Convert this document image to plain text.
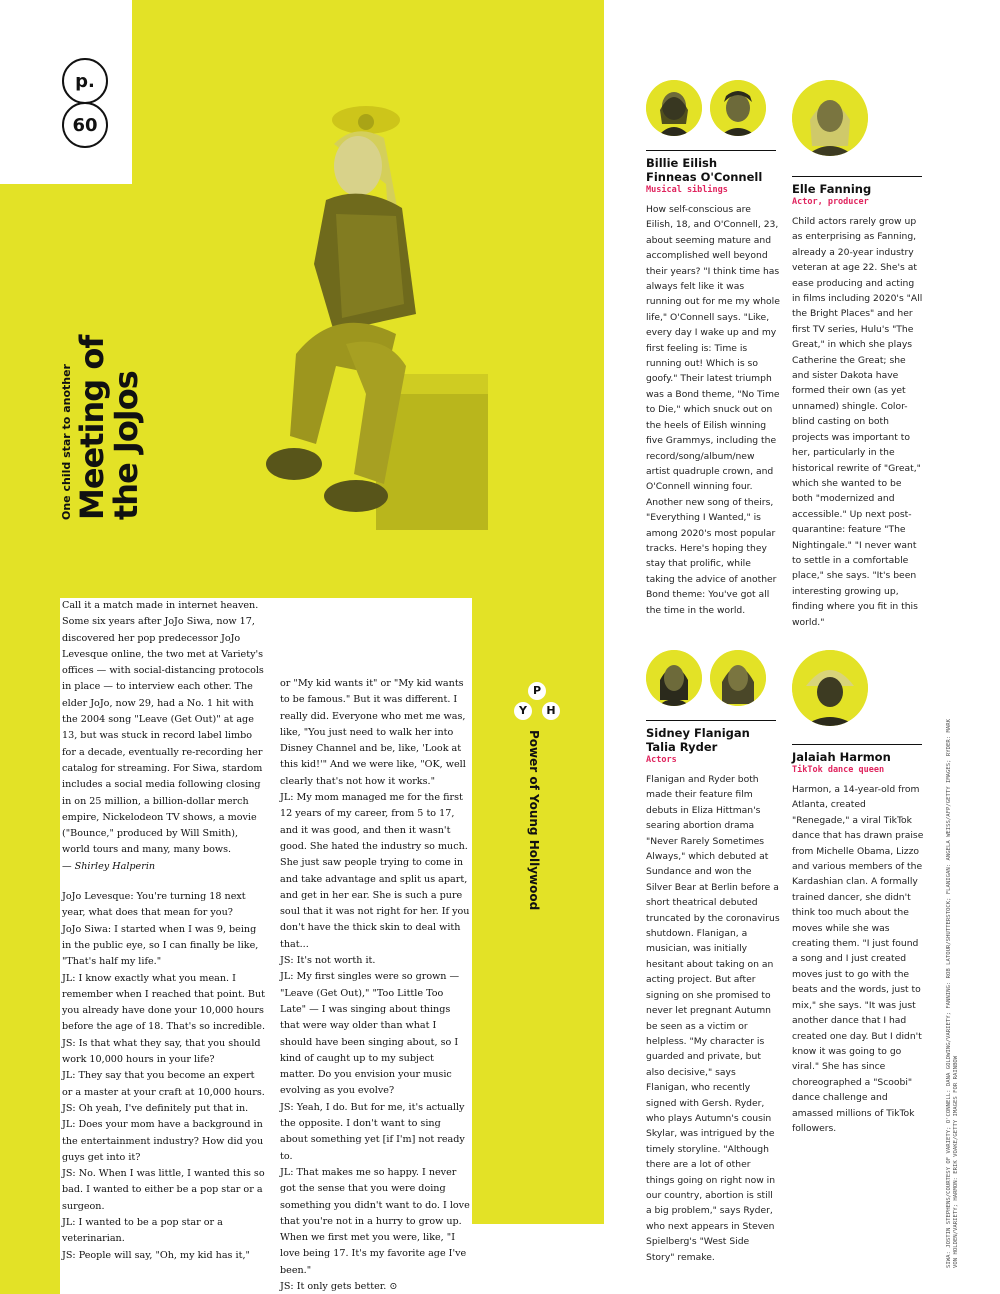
p.
60
One child star to another Meeting of the JoJos
P
Y	H
Power of Young Hollywood

Call it a match made in internet heaven. Some six years after JoJo Siwa, now 17, discovered her pop predecessor JoJo Levesque online, the two met at Variety's offices — with social-distancing protocols in place — to interview each other. The elder JoJo, now 29, had a No. 1 hit with the 2004 song "Leave (Get Out)" at age 13, but was stuck in record label limbo for a decade, eventually re-recording her catalog for streaming. For Siwa, stardom includes a social media following closing in on 25 million, a billion-dollar merch empire, Nickelodeon TV shows, a movie ("Bounce," produced by Will Smith), world tours and many, many bows.

— Shirley Halperin

JoJo Levesque: You're turning 18 next year, what does that mean for you?

JoJo Siwa: I started when I was 9, being in the public eye, so I can finally be like, "That's half my life."

JL: I know exactly what you mean. I remember when I reached that point. But you already have done your 10,000 hours before the age of 18. That's so incredible.

JS: Is that what they say, that you should work 10,000 hours in your life?

JL: They say that you become an expert or a master at your craft at 10,000 hours.

JS: Oh yeah, I've definitely put that in.

JL: Does your mom have a background in the entertainment industry? How did you guys get into it?

JS: No. When I was little, I wanted this so bad. I wanted to either be a pop star or a surgeon.

JL: I wanted to be a pop star or a veterinarian.

JS: People will say, "Oh, my kid has it,"

or "My kid wants it" or "My kid wants to be famous." But it was different. I really did. Everyone who met me was, like, "You just need to walk her into Disney Channel and be, like, 'Look at this kid!'" And we were like, "OK, well clearly that's not how it works."

JL: My mom managed me for the first 12 years of my career, from 5 to 17, and it was good, and then it wasn't good. She hated the industry so much. She just saw people trying to come in and take advantage and split us apart, and get in her ear. She is such a pure soul that it was not right for her. If you don't have the thick skin to deal with that...

JS: It's not worth it.

JL: My first singles were so grown — "Leave (Get Out)," "Too Little Too Late" — I was singing about things that were way older than what I should have been singing about, so I kind of caught up to my subject matter. Do you envision your music evolving as you evolve?

JS: Yeah, I do. But for me, it's actually the opposite. I don't want to sing about something yet [if I'm] not ready to.

JL: That makes me so happy. I never got the sense that you were doing something you didn't want to do. I love that you're not in a hurry to grow up. When we first met you were, like, "I love being 17. It's my favorite age I've been."

JS: It only gets better. ⊙

Billie Eilish
Finneas O'Connell
Musical siblings
How self-conscious are Eilish, 18, and O'Connell, 23, about seeming mature and accomplished well beyond their years? "I think time has always felt like it was running out for me my whole life," O'Connell says. "Like, every day I wake up and my first feeling is: Time is running out! Which is so goofy." Their latest triumph was a Bond theme, "No Time to Die," which snuck out on the heels of Eilish winning five Grammys, including the record/song/album/new artist quadruple crown, and O'Connell winning four. Another new song of theirs, "Everything I Wanted," is among 2020's most popular tracks. Here's hoping they stay that prolific, while taking the advice of another Bond theme: You've got all the time in the world.
Elle Fanning
Actor, producer
Child actors rarely grow up as enterprising as Fanning, already a 20-year industry veteran at age 22. She's at ease producing and acting in films including 2020's "All the Bright Places" and her first TV series, Hulu's "The Great," in which she plays Catherine the Great; she and sister Dakota have formed their own (as yet unnamed) shingle. Color-blind casting on both projects was important to her, particularly in the historical rewrite of "Great," which she wanted to be both "modernized and accessible." Up next post-quarantine: feature "The Nightingale." "I never want to settle in a comfortable place," she says. "It's been interesting growing up, finding where you fit in this world."
Sidney Flanigan
Talia Ryder
Actors
Flanigan and Ryder both made their feature film debuts in Eliza Hittman's searing abortion drama "Never Rarely Sometimes Always," which debuted at Sundance and won the Silver Bear at Berlin before a short theatrical debuted truncated by the coronavirus shutdown. Flanigan, a musician, was initially hesitant about taking on an acting project. But after signing on she promised to never let pregnant Autumn be seen as a victim or helpless. "My character is guarded and private, but also decisive," says Flanigan, who recently signed with Gersh. Ryder, who plays Autumn's cousin Skylar, was intrigued by the timely storyline. "Although there are a lot of other things going on right now in our country, abortion is still a big problem," says Ryder, who next appears in Steven Spielberg's "West Side Story" remake.
Jalaiah Harmon
TikTok dance queen
Harmon, a 14-year-old from Atlanta, created "Renegade," a viral TikTok dance that has drawn praise from Michelle Obama, Lizzo and various members of the Kardashian clan. A formally trained dancer, she didn't think too much about the moves while she was creating them. "I just found a song and I just created moves just to go with the beats and the words, just to mix," she says. "It was just another dance that I had created one day. But I didn't know it was going to go viral." She has since choreographed a "Scoobi" dance challenge and amassed millions of TikTok followers.	SIWA: JOSTIN STEPHENS/COURTESY OF VARIETY; O'CONNELL: DANA GOLDWING/VARIETY; FANNING: ROB LATOUR/SHUTTERSTOCK; FLANIGAN: ANGELA WEISS/AFP/GETTY IMAGES; RYDER: MARK VON HOLDEN/VARIETY; HARMON: ERIK VOAKE/GETTY IMAGES FOR RAINBOW
